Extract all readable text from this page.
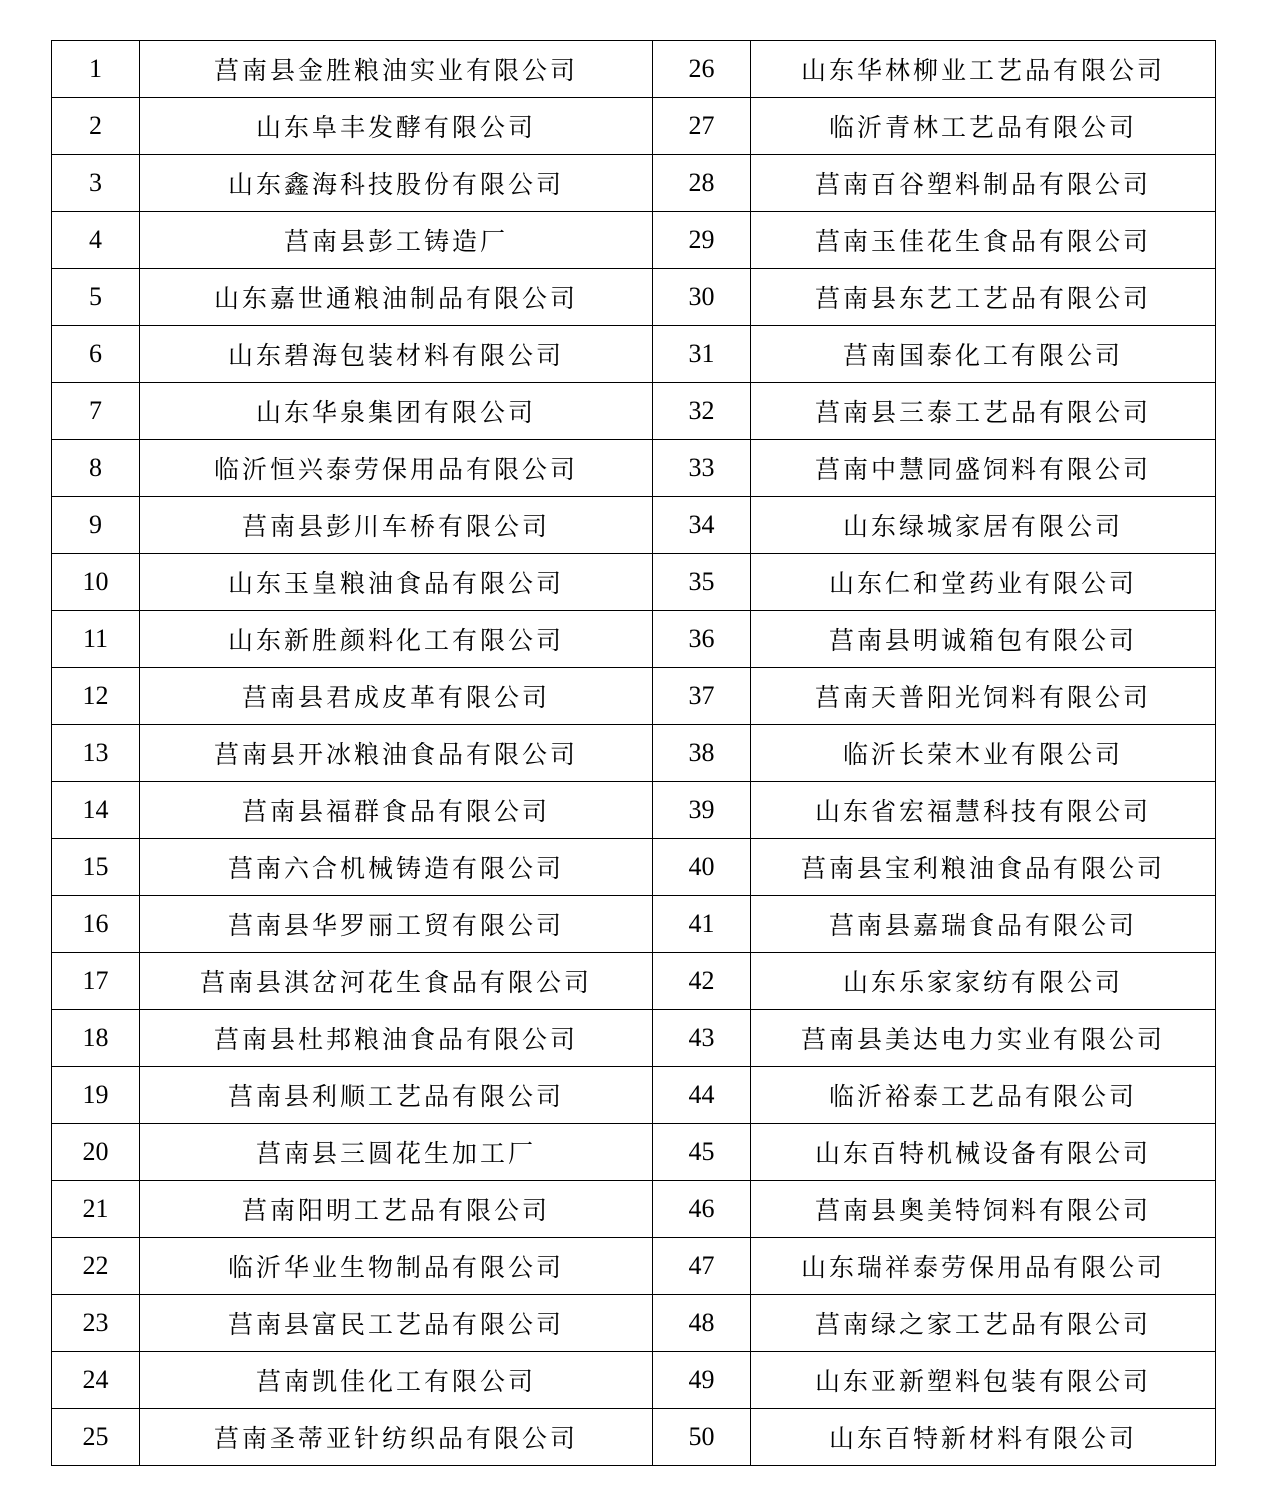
1	莒南县金胜粮油实业有限公司	26	山东华林柳业工艺品有限公司
2	山东阜丰发酵有限公司	27	临沂青林工艺品有限公司
3	山东鑫海科技股份有限公司	28	莒南百谷塑料制品有限公司
4	莒南县彭工铸造厂	29	莒南玉佳花生食品有限公司
5	山东嘉世通粮油制品有限公司	30	莒南县东艺工艺品有限公司
6	山东碧海包装材料有限公司	31	莒南国泰化工有限公司
7	山东华泉集团有限公司	32	莒南县三泰工艺品有限公司
8	临沂恒兴泰劳保用品有限公司	33	莒南中慧同盛饲料有限公司
9	莒南县彭川车桥有限公司	34	山东绿城家居有限公司
10	山东玉皇粮油食品有限公司	35	山东仁和堂药业有限公司
11	山东新胜颜料化工有限公司	36	莒南县明诚箱包有限公司
12	莒南县君成皮革有限公司	37	莒南天普阳光饲料有限公司
13	莒南县开冰粮油食品有限公司	38	临沂长荣木业有限公司
14	莒南县福群食品有限公司	39	山东省宏福慧科技有限公司
15	莒南六合机械铸造有限公司	40	莒南县宝利粮油食品有限公司
16	莒南县华罗丽工贸有限公司	41	莒南县嘉瑞食品有限公司
17	莒南县淇岔河花生食品有限公司	42	山东乐家家纺有限公司
18	莒南县杜邦粮油食品有限公司	43	莒南县美达电力实业有限公司
19	莒南县利顺工艺品有限公司	44	临沂裕泰工艺品有限公司
20	莒南县三圆花生加工厂	45	山东百特机械设备有限公司
21	莒南阳明工艺品有限公司	46	莒南县奥美特饲料有限公司
22	临沂华业生物制品有限公司	47	山东瑞祥泰劳保用品有限公司
23	莒南县富民工艺品有限公司	48	莒南绿之家工艺品有限公司
24	莒南凯佳化工有限公司	49	山东亚新塑料包装有限公司
25	莒南圣蒂亚针纺织品有限公司	50	山东百特新材料有限公司
